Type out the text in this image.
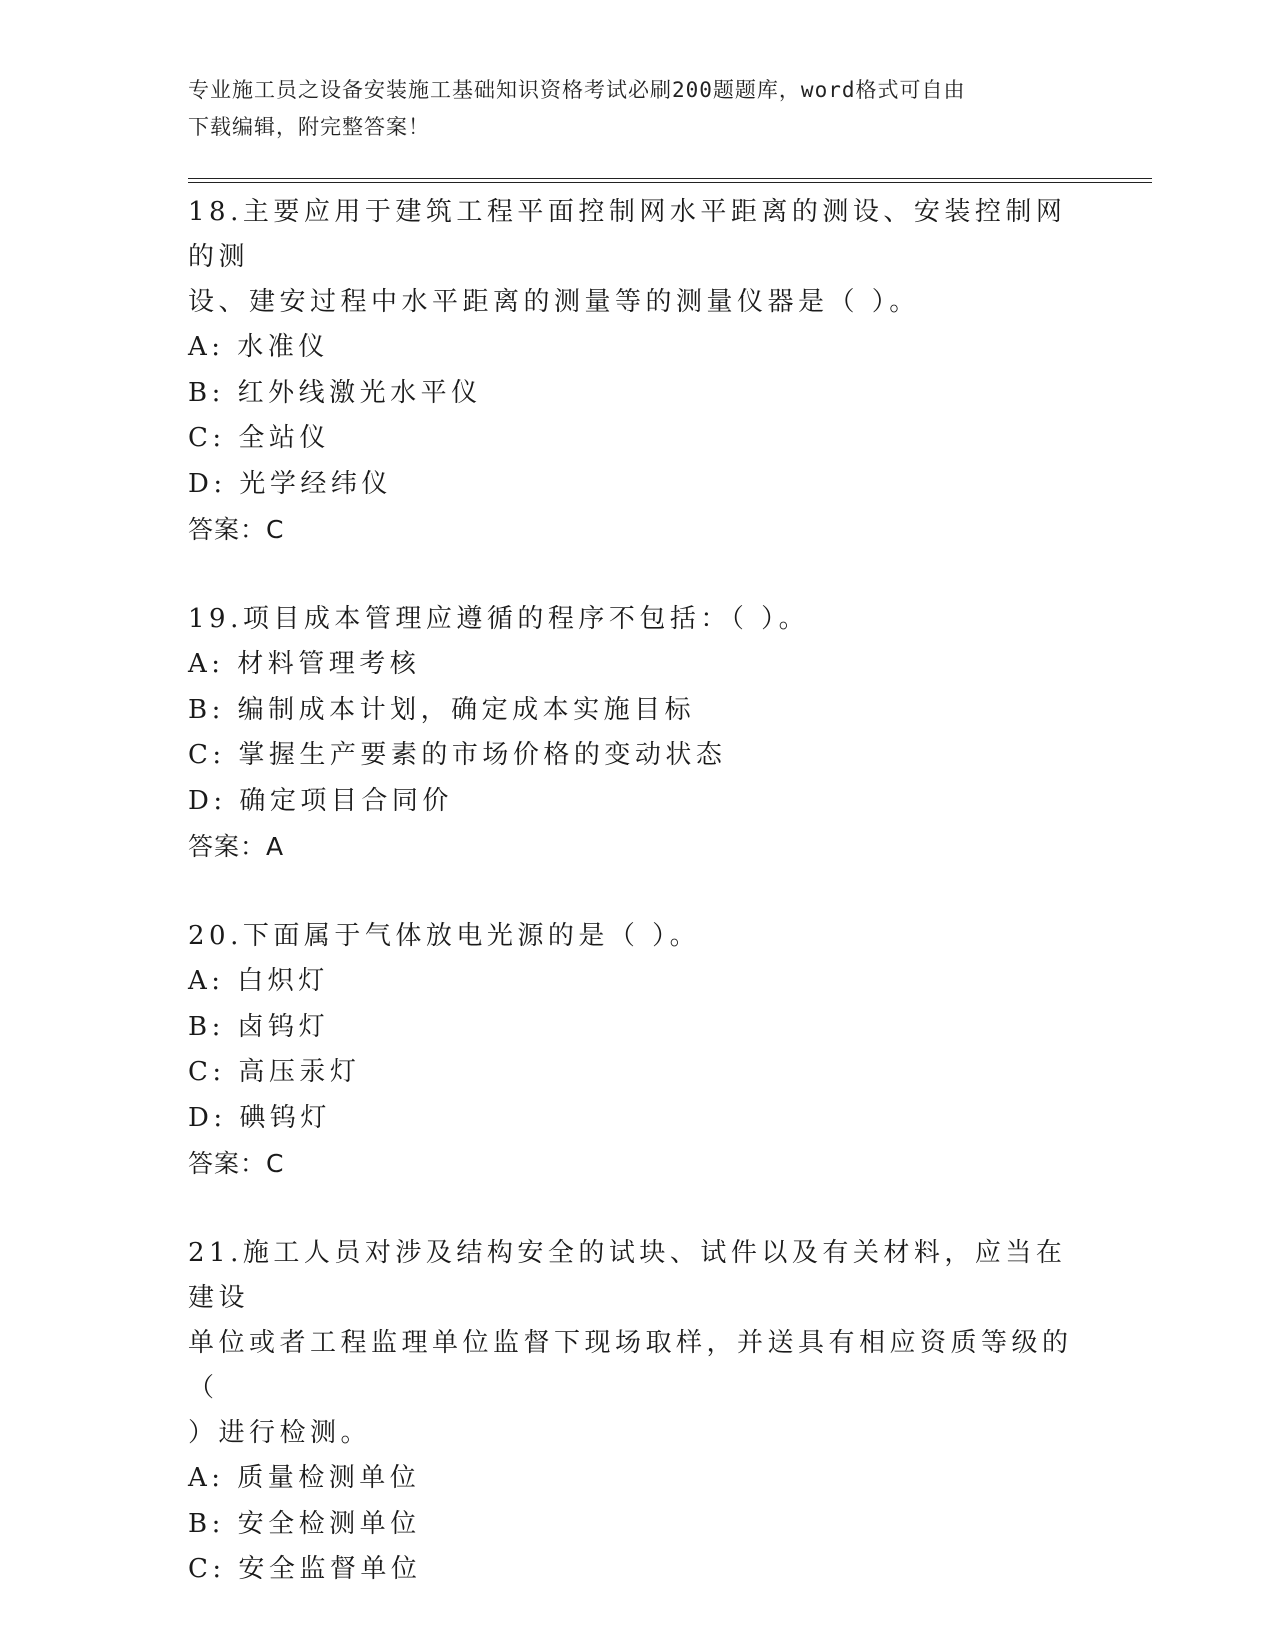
专业施工员之设备安装施工基础知识资格考试必刷200题题库，word格式可自由
下载编辑，附完整答案！
18.主要应用于建筑工程平面控制网水平距离的测设、安装控制网的测
设、建安过程中水平距离的测量等的测量仪器是（ ）。
A: 水准仪
B: 红外线激光水平仪
C: 全站仪
D: 光学经纬仪
答案：C
19.项目成本管理应遵循的程序不包括：（ ）。
A: 材料管理考核
B: 编制成本计划，确定成本实施目标
C: 掌握生产要素的市场价格的变动状态
D: 确定项目合同价
答案：A
20.下面属于气体放电光源的是（ ）。
A: 白炽灯
B: 卤钨灯
C: 高压汞灯
D: 碘钨灯
答案：C
21.施工人员对涉及结构安全的试块、试件以及有关材料，应当在建设
单位或者工程监理单位监督下现场取样，并送具有相应资质等级的（
）进行检测。
A: 质量检测单位
B: 安全检测单位
C: 安全监督单位
